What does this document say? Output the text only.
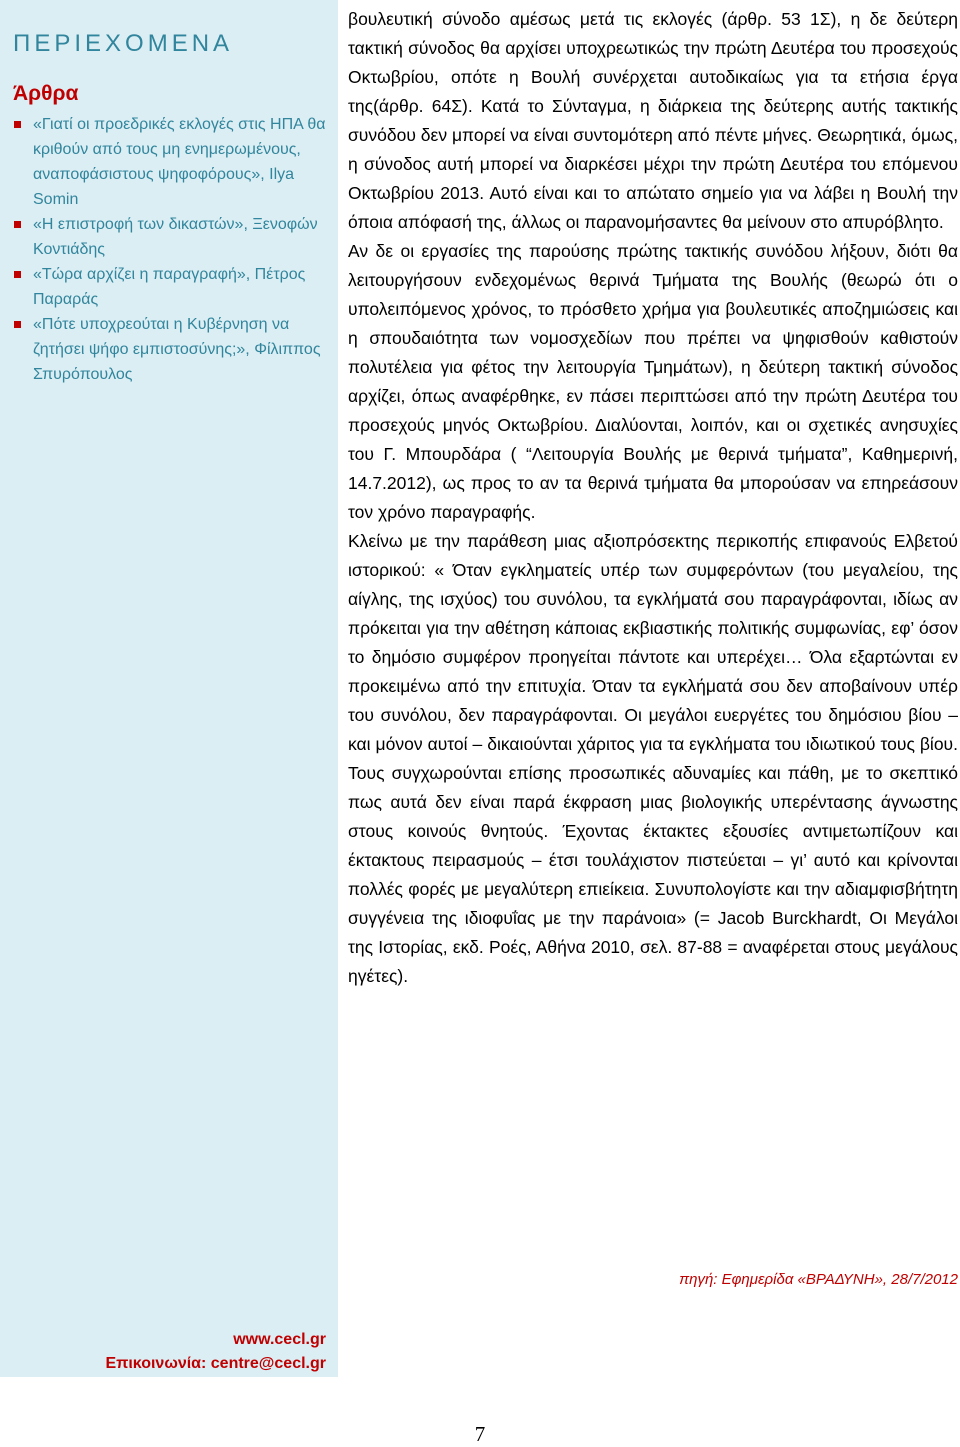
ΠΕΡΙΕΧΟΜΕΝΑ
Άρθρα
«Γιατί οι προεδρικές εκλογές στις ΗΠΑ θα κριθούν από τους μη ενημερωμένους, αναποφάσιστους ψηφοφόρους», Ilya Somin
«Η επιστροφή των δικαστών», Ξενοφών Κοντιάδης
«Τώρα αρχίζει η παραγραφή», Πέτρος Παραράς
«Πότε υποχρεούται η Κυβέρνηση να ζητήσει ψήφο εμπιστοσύνης;», Φίλιππος Σπυρόπουλος
www.cecl.gr
Επικοινωνία: centre@cecl.gr

βουλευτική σύνοδο αμέσως μετά τις εκλογές (άρθρ. 53 1Σ), η δε δεύτερη τακτική σύνοδος θα αρχίσει υποχρεωτικώς την πρώτη Δευτέρα του προσεχούς Οκτωβρίου, οπότε η Βουλή συνέρχεται αυτοδικαίως για τα ετήσια έργα της(άρθρ. 64Σ). Κατά το Σύνταγμα, η διάρκεια της δεύτερης αυτής τακτικής συνόδου δεν μπορεί να είναι συντομότερη από πέντε μήνες. Θεωρητικά, όμως, η σύνοδος αυτή μπορεί να διαρκέσει μέχρι την πρώτη Δευτέρα του επόμενου Οκτωβρίου 2013. Αυτό είναι και το απώτατο σημείο για να λάβει η Βουλή την όποια απόφασή της, άλλως οι παρανομήσαντες θα μείνουν στο απυρόβλητο.

Αν δε οι εργασίες της παρούσης πρώτης τακτικής συνόδου λήξουν, διότι θα λειτουργήσουν ενδεχομένως θερινά Τμήματα της Βουλής (θεωρώ ότι ο υπολειπόμενος χρόνος, το πρόσθετο χρήμα για βουλευτικές αποζημιώσεις και η σπουδαιότητα των νομοσχεδίων που πρέπει να ψηφισθούν καθιστούν πολυτέλεια για φέτος την λειτουργία Τμημάτων), η δεύτερη τακτική σύνοδος αρχίζει, όπως αναφέρθηκε, εν πάσει περιπτώσει από την πρώτη Δευτέρα του προσεχούς μηνός Οκτωβρίου. Διαλύονται, λοιπόν, και οι σχετικές ανησυχίες του Γ. Μπουρδάρα ( “Λειτουργία Βουλής με θερινά τμήματα”, Καθημερινή, 14.7.2012), ως προς το αν τα θερινά τμήματα θα μπορούσαν να επηρεάσουν τον χρόνο παραγραφής.

Κλείνω με την παράθεση μιας αξιοπρόσεκτης περικοπής επιφανούς Ελβετού ιστορικού: « Όταν εγκληματείς υπέρ των συμφερόντων (του μεγαλείου, της αίγλης, της ισχύος) του συνόλου, τα εγκλήματά σου παραγράφονται, ιδίως αν πρόκειται για την αθέτηση κάποιας εκβιαστικής πολιτικής συμφωνίας, εφ’ όσον το δημόσιο συμφέρον προηγείται πάντοτε και υπερέχει… Όλα εξαρτώνται εν προκειμένω από την επιτυχία. Όταν τα εγκλήματά σου δεν αποβαίνουν υπέρ του συνόλου, δεν παραγράφονται. Οι μεγάλοι ευεργέτες του δημόσιου βίου – και μόνον αυτοί – δικαιούνται χάριτος για τα εγκλήματα του ιδιωτικού τους βίου. Τους συγχωρούνται επίσης προσωπικές αδυναμίες και πάθη, με το σκεπτικό πως αυτά δεν είναι παρά έκφραση μιας βιολογικής υπερέντασης άγνωστης στους κοινούς θνητούς. Έχοντας έκτακτες εξουσίες αντιμετωπίζουν και έκτακτους πειρασμούς – έτσι τουλάχιστον πιστεύεται – γι’ αυτό και κρίνονται πολλές φορές με μεγαλύτερη επιείκεια. Συνυπολογίστε και την αδιαμφισβήτητη συγγένεια της ιδιοφυΐας με την παράνοια» (= Jacob Burckhardt, Οι Μεγάλοι της Ιστορίας, εκδ. Ροές, Αθήνα 2010, σελ. 87-88 = αναφέρεται στους μεγάλους ηγέτες).

πηγή: Εφημερίδα «ΒΡΑΔΥΝΗ», 28/7/2012
7
